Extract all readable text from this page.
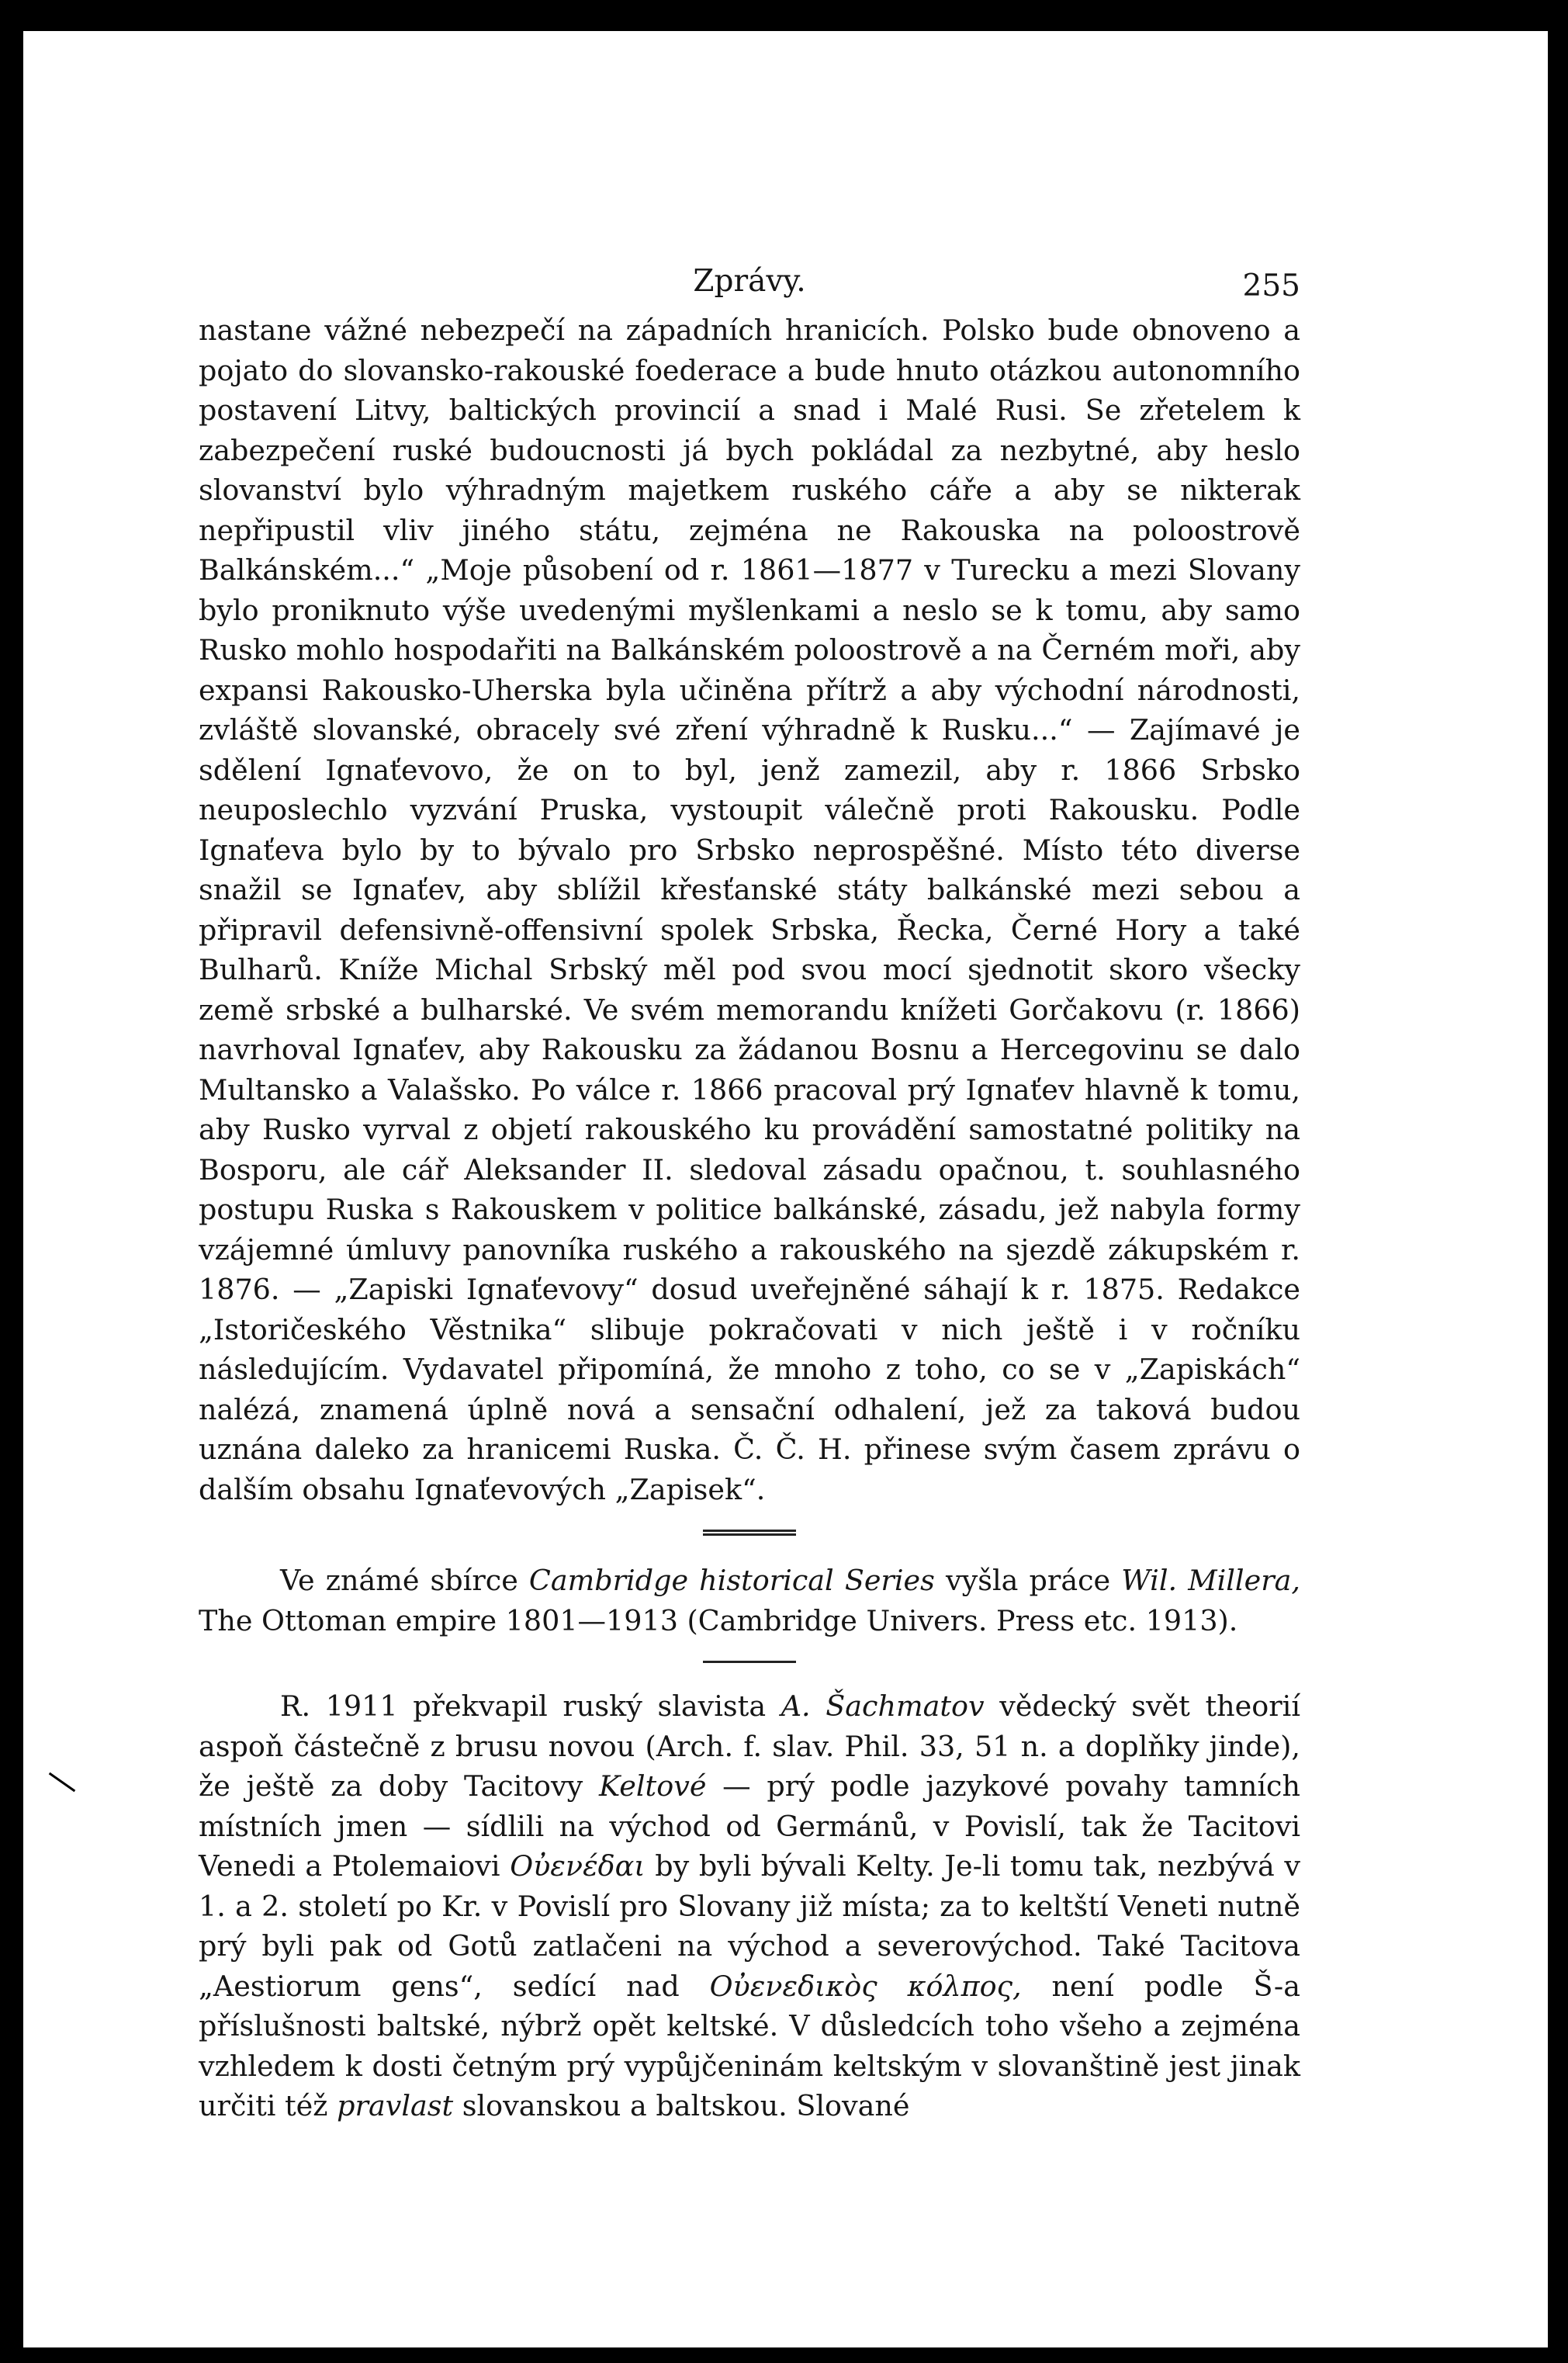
Zprávy.	255

nastane vážné nebezpečí na západních hranicích. Polsko bude obnoveno a pojato do slovansko-rakouské foederace a bude hnuto otázkou autonomního postavení Litvy, baltických provincií a snad i Malé Rusi. Se zřetelem k zabezpečení ruské budoucnosti já bych pokládal za nezbytné, aby heslo slovanství bylo výhradným majetkem ruského cáře a aby se nikterak nepřipustil vliv jiného státu, zejména ne Rakouska na poloostrově Balkánském...“ „Moje působení od r. 1861—1877 v Turecku a mezi Slovany bylo proniknuto výše uvedenými myšlenkami a neslo se k tomu, aby samo Rusko mohlo hospodařiti na Balkánském poloostrově a na Černém moři, aby expansi Rakousko-Uherska byla učiněna přítrž a aby východní národnosti, zvláště slovanské, obracely své zření výhradně k Rusku...“ — Zajímavé je sdělení Ignaťevovo, že on to byl, jenž zamezil, aby r. 1866 Srbsko neuposlechlo vyzvání Pruska, vystoupit válečně proti Rakousku. Podle Ignaťeva bylo by to bývalo pro Srbsko neprospěšné. Místo této diverse snažil se Ignaťev, aby sblížil křesťanské státy balkánské mezi sebou a připravil defensivně-offensivní spolek Srbska, Řecka, Černé Hory a také Bulharů. Kníže Michal Srbský měl pod svou mocí sjednotit skoro všecky země srbské a bulharské. Ve svém memorandu knížeti Gorčakovu (r. 1866) navrhoval Ignaťev, aby Rakousku za žádanou Bosnu a Hercegovinu se dalo Multansko a Valašsko. Po válce r. 1866 pracoval prý Ignaťev hlavně k tomu, aby Rusko vyrval z objetí rakouského ku provádění samostatné politiky na Bosporu, ale cář Aleksander II. sledoval zásadu opačnou, t. souhlasného postupu Ruska s Rakouskem v politice balkánské, zásadu, jež nabyla formy vzájemné úmluvy panovníka ruského a rakouského na sjezdě zákupském r. 1876. — „Zapiski Ignaťevovy“ dosud uveřejněné sáhají k r. 1875. Redakce „Istoričeského Věstnika“ slibuje pokračovati v nich ještě i v ročníku následujícím. Vydavatel připomíná, že mnoho z toho, co se v „Zapiskách“ nalézá, znamená úplně nová a sensační odhalení, jež za taková budou uznána daleko za hranicemi Ruska. Č. Č. H. přinese svým časem zprávu o dalším obsahu Ignaťevových „Zapisek“.

Ve známé sbírce Cambridge historical Series vyšla práce Wil. Millera, The Ottoman empire 1801—1913 (Cambridge Univers. Press etc. 1913).

R. 1911 překvapil ruský slavista A. Šachmatov vědecký svět theorií aspoň částečně z brusu novou (Arch. f. slav. Phil. 33, 51 n. a doplňky jinde), že ještě za doby Tacitovy Keltové — prý podle jazykové povahy tamních místních jmen — sídlili na východ od Germánů, v Povislí, tak že Tacitovi Venedi a Ptolemaiovi Οὐενέδαι by byli bývali Kelty. Je-li tomu tak, nezbývá v 1. a 2. století po Kr. v Povislí pro Slovany již místa; za to keltští Veneti nutně prý byli pak od Gotů zatlačeni na východ a severovýchod. Také Tacitova „Aestiorum gens“, sedící nad Οὐενεδικὸς κόλπος, není podle Š-a příslušnosti baltské, nýbrž opět keltské. V důsledcích toho všeho a zejména vzhledem k dosti četným prý vypůjčeninám keltským v slovanštině jest jinak určiti též pravlast slovanskou a baltskou. Slované
